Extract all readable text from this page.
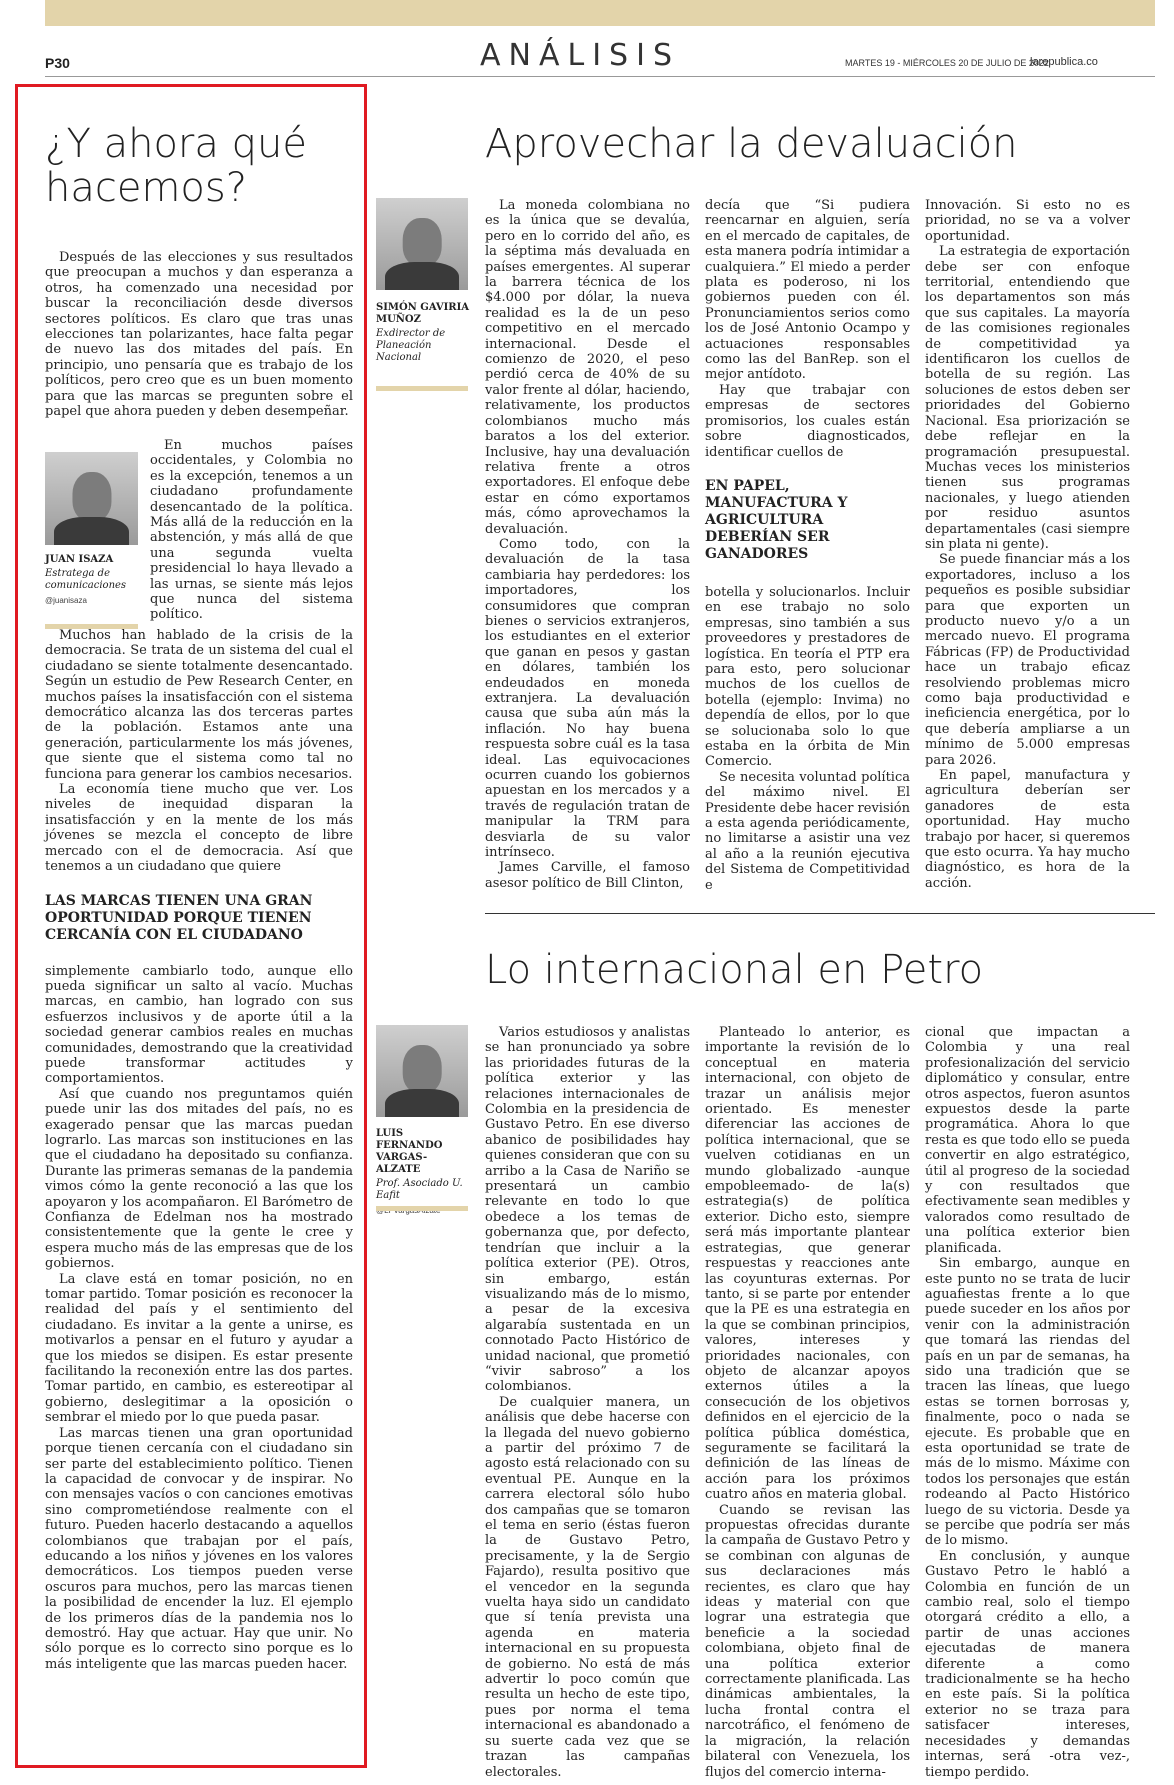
P30	ANÁLISIS	MARTES 19 - MIÉRCOLES 20 DE JULIO DE 2022
larepublica.co
¿Y ahora qué hacemos?

Después de las elecciones y sus resultados que preocupan a muchos y dan esperanza a otros, ha comenzado una necesidad por buscar la reconciliación desde diversos sectores políticos. Es claro que tras unas elecciones tan polarizantes, hace falta pegar de nuevo las dos mitades del país. En principio, uno pensaría que es trabajo de los políticos, pero creo que es un buen momento para que las marcas se pregunten sobre el papel que ahora pueden y deben desempeñar.

JUAN ISAZA

Estratega de comunicaciones

@juanisaza

En muchos países occidentales, y Colombia no es la excepción, tenemos a un ciudadano profundamente desencantado de la política. Más allá de la reducción en la abstención, y más allá de que una segunda vuelta presidencial lo haya llevado a las urnas, se siente más lejos que nunca del sistema político.

Muchos han hablado de la crisis de la democracia. Se trata de un sistema del cual el ciudadano se siente totalmente desencantado. Según un estudio de Pew Research Center, en muchos países la insatisfacción con el sistema democrático alcanza las dos terceras partes de la población. Estamos ante una generación, particularmente los más jóvenes, que siente que el sistema como tal no funciona para generar los cambios necesarios.

La economía tiene mucho que ver. Los niveles de inequidad disparan la insatisfacción y en la mente de los más jóvenes se mezcla el concepto de libre mercado con el de democracia. Así que tenemos a un ciudadano que quiere

LAS MARCAS TIENEN UNA GRAN OPORTUNIDAD PORQUE TIENEN CERCANÍA CON EL CIUDADANO

simplemente cambiarlo todo, aunque ello pueda significar un salto al vacío. Muchas marcas, en cambio, han logrado con sus esfuerzos inclusivos y de aporte útil a la sociedad generar cambios reales en muchas comunidades, demostrando que la creatividad puede transformar actitudes y comportamientos.

Así que cuando nos preguntamos quién puede unir las dos mitades del país, no es exagerado pensar que las marcas puedan lograrlo. Las marcas son instituciones en las que el ciudadano ha depositado su confianza. Durante las primeras semanas de la pandemia vimos cómo la gente reconoció a las que los apoyaron y los acompañaron. El Barómetro de Confianza de Edelman nos ha mostrado consistentemente que la gente le cree y espera mucho más de las empresas que de los gobiernos.

La clave está en tomar posición, no en tomar partido. Tomar posición es reconocer la realidad del país y el sentimiento del ciudadano. Es invitar a la gente a unirse, es motivarlos a pensar en el futuro y ayudar a que los miedos se disipen. Es estar presente facilitando la reconexión entre las dos partes. Tomar partido, en cambio, es estereotipar al gobierno, deslegitimar a la oposición o sembrar el miedo por lo que pueda pasar.

Las marcas tienen una gran oportunidad porque tienen cercanía con el ciudadano sin ser parte del establecimiento político. Tienen la capacidad de convocar y de inspirar. No con mensajes vacíos o con canciones emotivas sino comprometiéndose realmente con el futuro. Pueden hacerlo destacando a aquellos colombianos que trabajan por el país, educando a los niños y jóvenes en los valores democráticos. Los tiempos pueden verse oscuros para muchos, pero las marcas tienen la posibilidad de encender la luz. El ejemplo de los primeros días de la pandemia nos lo demostró. Hay que actuar. Hay que unir. No sólo porque es lo correcto sino porque es lo más inteligente que las marcas pueden hacer.

Aprovechar la devaluación

SIMÓN GAVIRIA MUÑOZ

Exdirector de Planeación Nacional

La moneda colombiana no es la única que se devalúa, pero en lo corrido del año, es la séptima más devaluada en países emergentes. Al superar la barrera técnica de los $4.000 por dólar, la nueva realidad es la de un peso competitivo en el mercado internacional. Desde el comienzo de 2020, el peso perdió cerca de 40% de su valor frente al dólar, haciendo, relativamente, los productos colombianos mucho más baratos a los del exterior. Inclusive, hay una devaluación relativa frente a otros exportadores. El enfoque debe estar en cómo exportamos más, cómo aprovechamos la devaluación.

Como todo, con la devaluación de la tasa cambiaria hay perdedores: los importadores, los consumidores que compran bienes o servicios extranjeros, los estudiantes en el exterior que ganan en pesos y gastan en dólares, también los endeudados en moneda extranjera. La devaluación causa que suba aún más la inflación. No hay buena respuesta sobre cuál es la tasa ideal. Las equivocaciones ocurren cuando los gobiernos apuestan en los mercados y a través de regulación tratan de manipular la TRM para desviarla de su valor intrínseco.

James Carville, el famoso asesor político de Bill Clinton,

decía que “Si pudiera reencarnar en alguien, sería en el mercado de capitales, de esta manera podría intimidar a cualquiera.” El miedo a perder plata es poderoso, ni los gobiernos pueden con él. Pronunciamientos serios como los de José Antonio Ocampo y actuaciones responsables como las del BanRep. son el mejor antídoto.

Hay que trabajar con empresas de sectores promisorios, los cuales están sobre diagnosticados, identificar cuellos de

EN PAPEL, MANUFACTURA Y AGRICULTURA DEBERÍAN SER GANADORES

botella y solucionarlos. Incluir en ese trabajo no solo empresas, sino también a sus proveedores y prestadores de logística. En teoría el PTP era para esto, pero solucionar muchos de los cuellos de botella (ejemplo: Invima) no dependía de ellos, por lo que se solucionaba solo lo que estaba en la órbita de Min Comercio.

Se necesita voluntad política del máximo nivel. El Presidente debe hacer revisión a esta agenda periódicamente, no limitarse a asistir una vez al año a la reunión ejecutiva del Sistema de Competitividad e

Innovación. Si esto no es prioridad, no se va a volver oportunidad.

La estrategia de exportación debe ser con enfoque territorial, entendiendo que los departamentos son más que sus capitales. La mayoría de las comisiones regionales de competitividad ya identificaron los cuellos de botella de su región. Las soluciones de estos deben ser prioridades del Gobierno Nacional. Esa priorización se debe reflejar en la programación presupuestal. Muchas veces los ministerios tienen sus programas nacionales, y luego atienden por residuo asuntos departamentales (casi siempre sin plata ni gente).

Se puede financiar más a los exportadores, incluso a los pequeños es posible subsidiar para que exporten un producto nuevo y/o a un mercado nuevo. El programa Fábricas (FP) de Productividad hace un trabajo eficaz resolviendo problemas micro como baja productividad e ineficiencia energética, por lo que debería ampliarse a un mínimo de 5.000 empresas para 2026.

En papel, manufactura y agricultura deberían ser ganadores de esta oportunidad. Hay mucho trabajo por hacer, si queremos que esto ocurra. Ya hay mucho diagnóstico, es hora de la acción.

Lo internacional en Petro

LUIS FERNANDO VARGAS-ALZATE

Prof. Asociado U. Eafit

Varios estudiosos y analistas se han pronunciado ya sobre las prioridades futuras de la política exterior y las relaciones internacionales de Colombia en la presidencia de Gustavo Petro. En ese diverso abanico de posibilidades hay quienes consideran que con su arribo a la Casa de Nariño se presentará un cambio relevante en todo lo que obedece a los temas de gobernanza que, por defecto, tendrían que incluir a la política exterior (PE). Otros, sin embargo, están visualizando más de lo mismo, a pesar de la excesiva algarabía sustentada en un connotado Pacto Histórico de unidad nacional, que prometió “vivir sabroso” a los colombianos.

De cualquier manera, un análisis que debe hacerse con la llegada del nuevo gobierno a partir del próximo 7 de agosto está relacionado con su eventual PE. Aunque en la carrera electoral sólo hubo dos campañas que se tomaron el tema en serio (éstas fueron la de Gustavo Petro, precisamente, y la de Sergio Fajardo), resulta positivo que el vencedor en la segunda vuelta haya sido un candidato que sí tenía prevista una agenda en materia internacional en su propuesta de gobierno. No está de más advertir lo poco común que resulta un hecho de este tipo, pues por norma el tema internacional es abandonado a su suerte cada vez que se trazan las campañas electorales.

Planteado lo anterior, es importante la revisión de lo conceptual en materia internacional, con objeto de trazar un análisis mejor orientado. Es menester diferenciar las acciones de política internacional, que se vuelven cotidianas en un mundo globalizado -aunque empobleemado- de la(s) estrategia(s) de política exterior. Dicho esto, siempre será más importante plantear estrategias, que generar respuestas y reacciones ante las coyunturas externas. Por tanto, si se parte por entender que la PE es una estrategia en la que se combinan principios, valores, intereses y prioridades nacionales, con objeto de alcanzar apoyos externos útiles a la consecución de los objetivos definidos en el ejercicio de la política pública doméstica, seguramente se facilitará la definición de las líneas de acción para los próximos cuatro años en materia global.

Cuando se revisan las propuestas ofrecidas durante la campaña de Gustavo Petro y se combinan con algunas de sus declaraciones más recientes, es claro que hay ideas y material con que lograr una estrategia que beneficie a la sociedad colombiana, objeto final de una política exterior correctamente planificada. Las dinámicas ambientales, la lucha frontal contra el narcotráfico, el fenómeno de la migración, la relación bilateral con Venezuela, los flujos del comercio interna-

cional que impactan a Colombia y una real profesionalización del servicio diplomático y consular, entre otros aspectos, fueron asuntos expuestos desde la parte programática. Ahora lo que resta es que todo ello se pueda convertir en algo estratégico, útil al progreso de la sociedad y con resultados que efectivamente sean medibles y valorados como resultado de una política exterior bien planificada.

Sin embargo, aunque en este punto no se trata de lucir aguafiestas frente a lo que puede suceder en los años por venir con la administración que tomará las riendas del país en un par de semanas, ha sido una tradición que se tracen las líneas, que luego estas se tornen borrosas y, finalmente, poco o nada se ejecute. Es probable que en esta oportunidad se trate de más de lo mismo. Máxime con todos los personajes que están rodeando al Pacto Histórico luego de su victoria. Desde ya se percibe que podría ser más de lo mismo.

En conclusión, y aunque Gustavo Petro le habló a Colombia en función de un cambio real, solo el tiempo otorgará crédito a ello, a partir de unas acciones ejecutadas de manera diferente a como tradicionalmente se ha hecho en este país. Si la política exterior no se traza para satisfacer intereses, necesidades y demandas internas, será -otra vez-, tiempo perdido.
